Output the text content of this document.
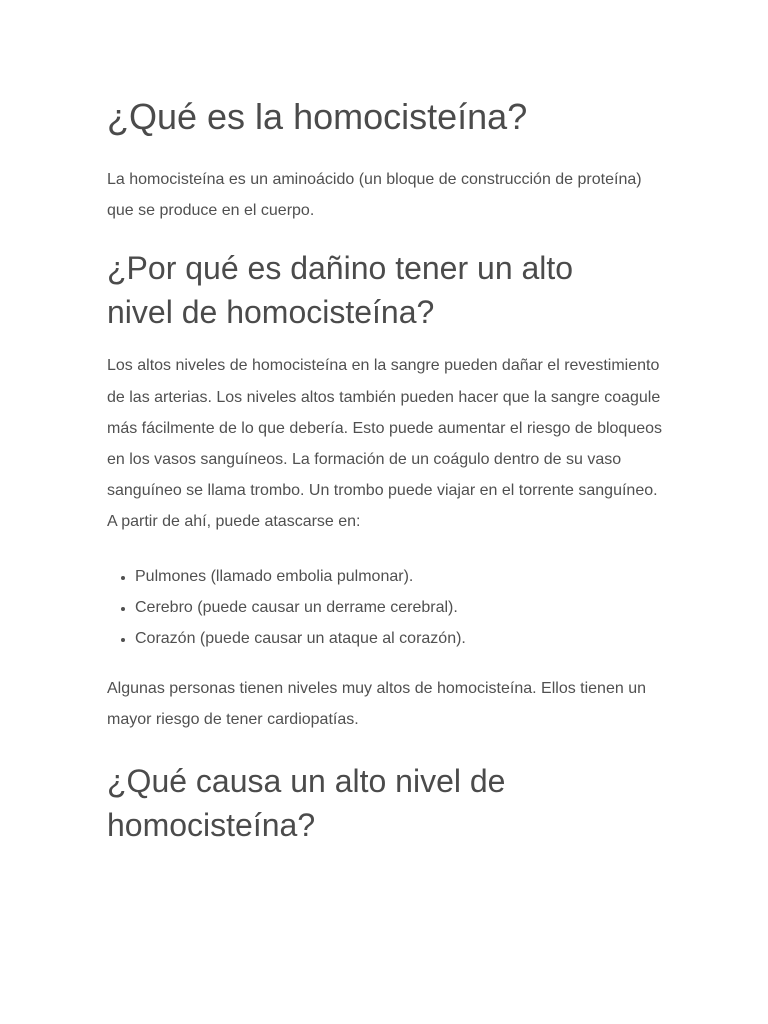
¿Qué es la homocisteína?

La homocisteína es un aminoácido (un bloque de construcción de proteína) que se produce en el cuerpo.

¿Por qué es dañino tener un alto
nivel de homocisteína?

Los altos niveles de homocisteína en la sangre pueden dañar el revestimiento de las arterias. Los niveles altos también pueden hacer que la sangre coagule más fácilmente de lo que debería. Esto puede aumentar el riesgo de bloqueos en los vasos sanguíneos. La formación de un coágulo dentro de su vaso sanguíneo se llama trombo. Un trombo puede viajar en el torrente sanguíneo. A partir de ahí, puede atascarse en:

• Pulmones (llamado embolia pulmonar).
• Cerebro (puede causar un derrame cerebral).
• Corazón (puede causar un ataque al corazón).

Algunas personas tienen niveles muy altos de homocisteína. Ellos tienen un mayor riesgo de tener cardiopatías.

¿Qué causa un alto nivel de
homocisteína?
